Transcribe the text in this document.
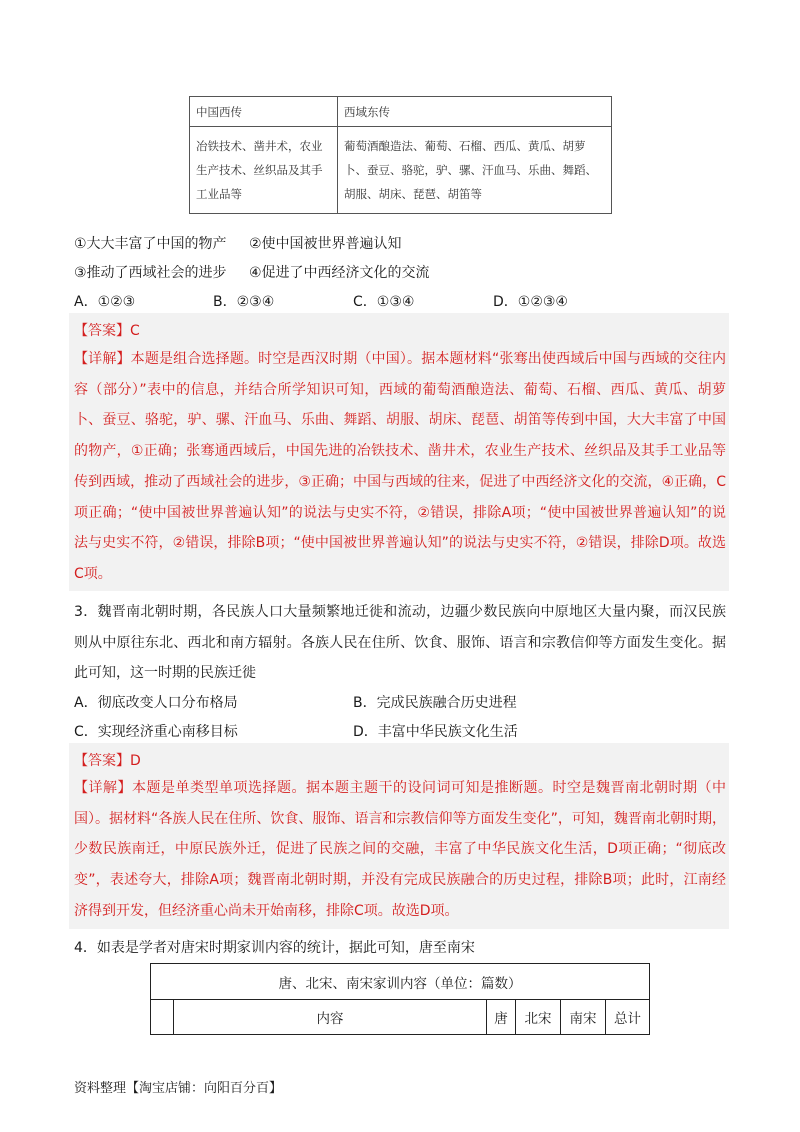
中国西传	西域东传
冶铁技术、凿井术，农业生产技术、丝织品及其手工业品等	葡萄酒酿造法、葡萄、石榴、西瓜、黄瓜、胡萝卜、蚕豆、骆驼，驴、骡、汗血马、乐曲、舞蹈、胡服、胡床、琵琶、胡笛等
①大大丰富了中国的物产 ②使中国被世界普遍认知
③推动了西域社会的进步 ④促进了中西经济文化的交流
A．①②③	B．②③④	C．①③④	D．①②③④
【答案】C
【详解】本题是组合选择题。时空是西汉时期（中国）。据本题材料“张骞出使西域后中国与西域的交往内容（部分）”表中的信息，并结合所学知识可知，西域的葡萄酒酿造法、葡萄、石榴、西瓜、黄瓜、胡萝卜、蚕豆、骆驼，驴、骡、汗血马、乐曲、舞蹈、胡服、胡床、琵琶、胡笛等传到中国，大大丰富了中国的物产，①正确；张骞通西域后，中国先进的冶铁技术、凿井术，农业生产技术、丝织品及其手工业品等传到西域，推动了西域社会的进步，③正确；中国与西域的往来，促进了中西经济文化的交流，④正确，C项正确；“使中国被世界普遍认知”的说法与史实不符，②错误，排除A项；“使中国被世界普遍认知”的说法与史实不符，②错误，排除B项；“使中国被世界普遍认知”的说法与史实不符，②错误，排除D项。故选C项。
3．魏晋南北朝时期，各民族人口大量频繁地迁徙和流动，边疆少数民族向中原地区大量内聚，而汉民族则从中原往东北、西北和南方辐射。各族人民在住所、饮食、服饰、语言和宗教信仰等方面发生变化。据此可知，这一时期的民族迁徙
A．彻底改变人口分布格局	B．完成民族融合历史进程
C．实现经济重心南移目标	D．丰富中华民族文化生活
【答案】D
【详解】本题是单类型单项选择题。据本题主题干的设问词可知是推断题。时空是魏晋南北朝时期（中国）。据材料“各族人民在住所、饮食、服饰、语言和宗教信仰等方面发生变化”，可知，魏晋南北朝时期，少数民族南迁，中原民族外迁，促进了民族之间的交融，丰富了中华民族文化生活，D项正确；“彻底改变”，表述夸大，排除A项；魏晋南北朝时期，并没有完成民族融合的历史过程，排除B项；此时，江南经济得到开发，但经济重心尚未开始南移，排除C项。故选D项。
4．如表是学者对唐宋时期家训内容的统计，据此可知，唐至南宋
唐、北宋、南宋家训内容（单位：篇数）
	内容	唐	北宋	南宋	总计
资料整理【淘宝店铺：向阳百分百】
